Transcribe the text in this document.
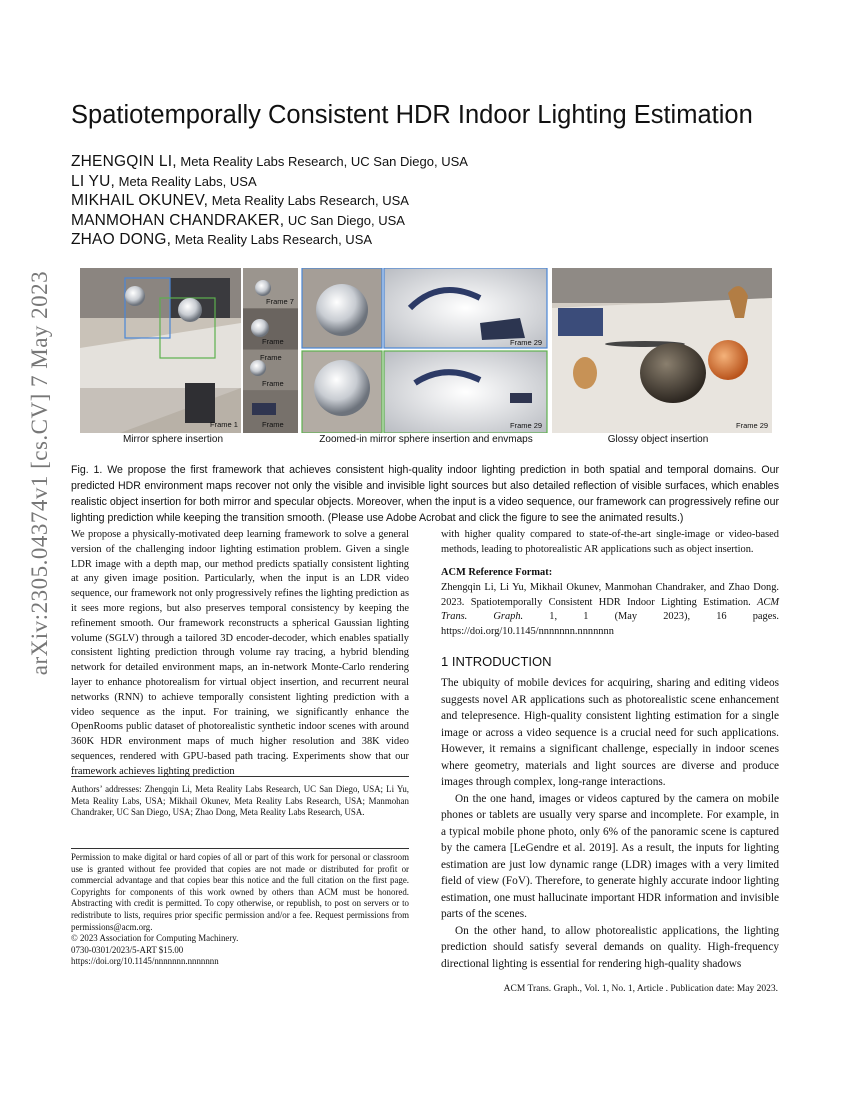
arXiv:2305.04374v1 [cs.CV] 7 May 2023
Spatiotemporally Consistent HDR Indoor Lighting Estimation
ZHENGQIN LI, Meta Reality Labs Research, UC San Diego, USA
LI YU, Meta Reality Labs, USA
MIKHAIL OKUNEV, Meta Reality Labs Research, USA
MANMOHAN CHANDRAKER, UC San Diego, USA
ZHAO DONG, Meta Reality Labs Research, USA
Frame 1
Frame 7
Frame
Frame
Frame
Frame
Frame 29
Frame 29	Frame 29
Mirror sphere insertion	Zoomed-in mirror sphere insertion and envmaps	Glossy object insertion
Fig. 1. We propose the first framework that achieves consistent high-quality indoor lighting prediction in both spatial and temporal domains. Our predicted HDR environment maps recover not only the visible and invisible light sources but also detailed reflection of visible surfaces, which enables realistic object insertion for both mirror and specular objects. Moreover, when the input is a video sequence, our framework can progressively refine our lighting prediction while keeping the transition smooth. (Please use Adobe Acrobat and click the figure to see the animated results.)

We propose a physically-motivated deep learning framework to solve a general version of the challenging indoor lighting estimation problem. Given a single LDR image with a depth map, our method predicts spatially consistent lighting at any given image position. Particularly, when the input is an LDR video sequence, our framework not only progressively refines the lighting prediction as it sees more regions, but also preserves temporal consistency by keeping the refinement smooth. Our framework reconstructs a spherical Gaussian lighting volume (SGLV) through a tailored 3D encoder-decoder, which enables spatially consistent lighting prediction through volume ray tracing, a hybrid blending network for detailed environment maps, an in-network Monte-Carlo rendering layer to enhance photorealism for virtual object insertion, and recurrent neural networks (RNN) to achieve temporally consistent lighting prediction with a video sequence as the input. For training, we significantly enhance the OpenRooms public dataset of photorealistic synthetic indoor scenes with around 360K HDR environment maps of much higher resolution and 38K video sequences, rendered with GPU-based path tracing. Experiments show that our framework achieves lighting prediction

Authors’ addresses: Zhengqin Li, Meta Reality Labs Research, UC San Diego, USA; Li Yu, Meta Reality Labs, USA; Mikhail Okunev, Meta Reality Labs Research, USA; Manmohan Chandraker, UC San Diego, USA; Zhao Dong, Meta Reality Labs Research, USA.

Permission to make digital or hard copies of all or part of this work for personal or classroom use is granted without fee provided that copies are not made or distributed for profit or commercial advantage and that copies bear this notice and the full citation on the first page. Copyrights for components of this work owned by others than ACM must be honored. Abstracting with credit is permitted. To copy otherwise, or republish, to post on servers or to redistribute to lists, requires prior specific permission and/or a fee. Request permissions from permissions@acm.org.

© 2023 Association for Computing Machinery.

0730-0301/2023/5-ART $15.00

https://doi.org/10.1145/nnnnnnn.nnnnnnn

with higher quality compared to state-of-the-art single-image or video-based methods, leading to photorealistic AR applications such as object insertion.

ACM Reference Format:

Zhengqin Li, Li Yu, Mikhail Okunev, Manmohan Chandraker, and Zhao Dong. 2023. Spatiotemporally Consistent HDR Indoor Lighting Estimation. ACM Trans. Graph. 1, 1 (May 2023), 16 pages. https://doi.org/10.1145/nnnnnnn.nnnnnnn

1 INTRODUCTION

The ubiquity of mobile devices for acquiring, sharing and editing videos suggests novel AR applications such as photorealistic scene enhancement and telepresence. High-quality consistent lighting estimation for a single image or across a video sequence is a crucial need for such applications. However, it remains a significant challenge, especially in indoor scenes where geometry, materials and light sources are diverse and produce images through complex, long-range interactions.

On the one hand, images or videos captured by the camera on mobile phones or tablets are usually very sparse and incomplete. For example, in a typical mobile phone photo, only 6% of the panoramic scene is captured by the camera [LeGendre et al. 2019]. As a result, the inputs for lighting estimation are just low dynamic range (LDR) images with a very limited field of view (FoV). Therefore, to generate highly accurate indoor lighting estimation, one must hallucinate important HDR information and invisible parts of the scenes.

On the other hand, to allow photorealistic applications, the lighting prediction should satisfy several demands on quality. High-frequency directional lighting is essential for rendering high-quality shadows

ACM Trans. Graph., Vol. 1, No. 1, Article . Publication date: May 2023.
